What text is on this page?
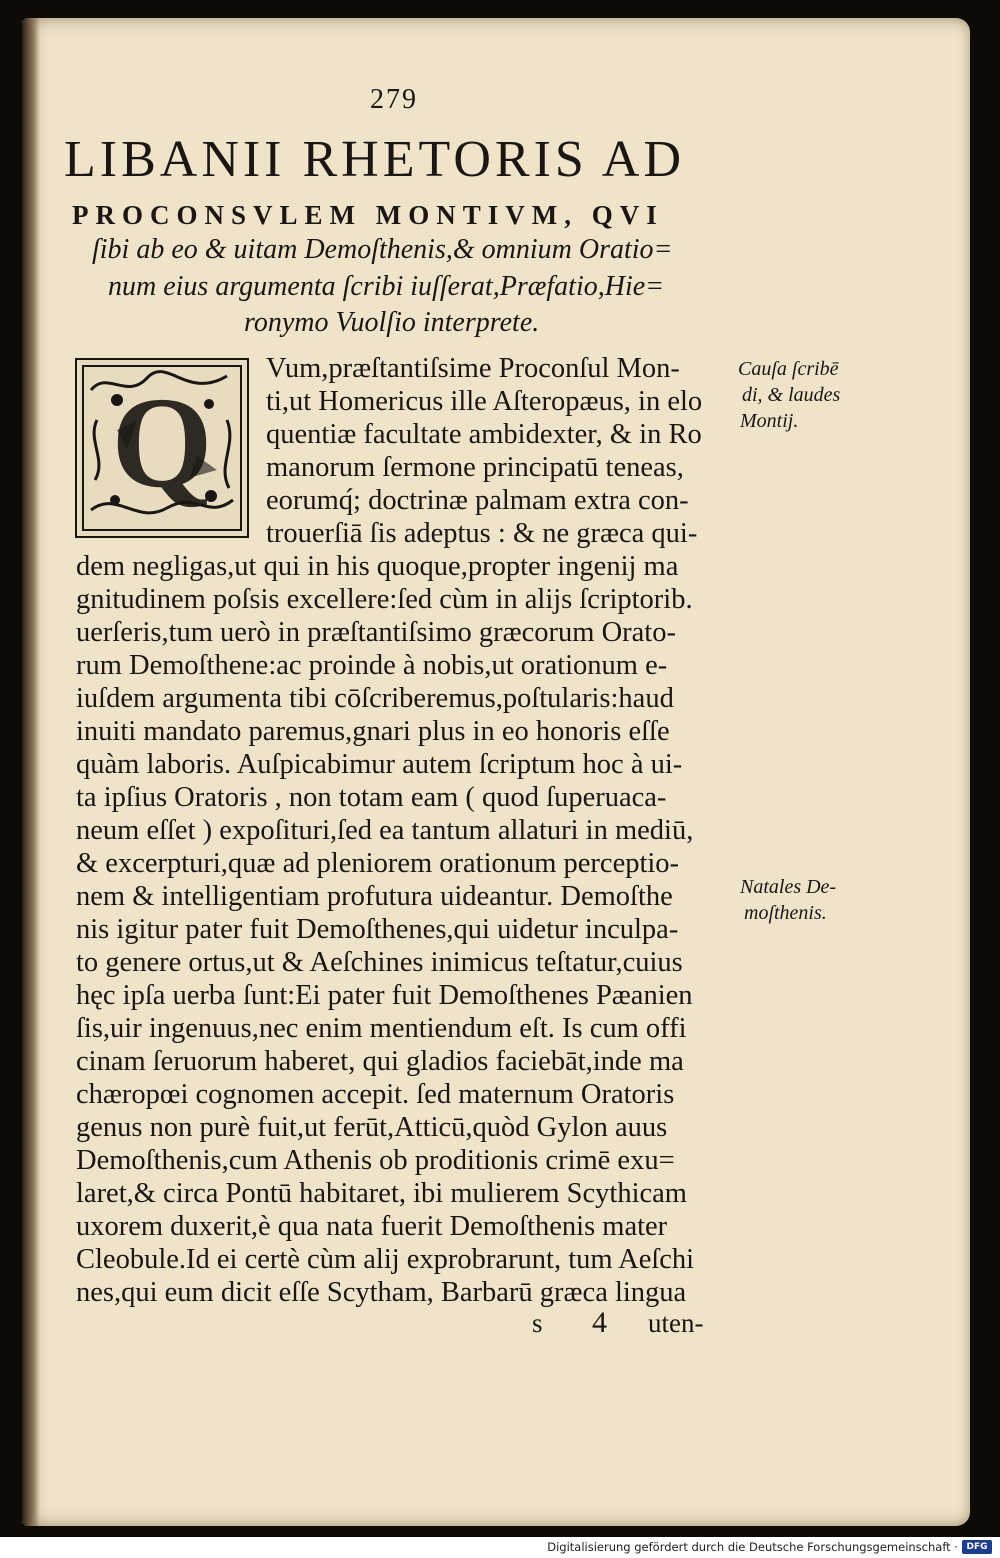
279
LIBANII RHETORIS AD
PROCONSVLEM MONTIVM, QVI
ſibi ab eo & uitam Demoſthenis,& omnium Oratio=
num eius argumenta ſcribi iuſſerat,Præfatio,Hie=
ronymo Vuolſio interprete.
Q
Vum,præſtantiſsime Proconſul Mon-
ti,ut Homericus ille Aſteropæus, in elo
quentiæ facultate ambidexter, & in Ro
manorum ſermone principatū teneas,
eorumq́; doctrinæ palmam extra con-
trouerſiā ſis adeptus : & ne græca qui-
dem negligas,ut qui in his quoque,propter ingenij ma
gnitudinem poſsis excellere:ſed cùm in alijs ſcriptorib.
uerſeris,tum uerò in præſtantiſsimo græcorum Orato-
rum Demoſthene:ac proinde à nobis,ut orationum e-
iuſdem argumenta tibi cōſcriberemus,poſtularis:haud
inuiti mandato paremus,gnari plus in eo honoris eſſe
quàm laboris. Auſpicabimur autem ſcriptum hoc à ui-
ta ipſius Oratoris , non totam eam ( quod ſuperuaca-
neum eſſet ) expoſituri,ſed ea tantum allaturi in mediū,
& excerpturi,quæ ad pleniorem orationum perceptio-
nem & intelligentiam profutura uideantur. Demoſthe
nis igitur pater fuit Demoſthenes,qui uidetur inculpa-
to genere ortus,ut & Aeſchines inimicus teſtatur,cuius
hęc ipſa uerba ſunt:Ei pater fuit Demoſthenes Pæanien
ſis,uir ingenuus,nec enim mentiendum eſt. Is cum offi
cinam ſeruorum haberet, qui gladios faciebāt,inde ma
chæropœi cognomen accepit. ſed maternum Oratoris
genus non purè fuit,ut ferūt,Atticū,quòd Gylon auus
Demoſthenis,cum Athenis ob proditionis crimē exu=
laret,& circa Pontū habitaret, ibi mulierem Scythicam
uxorem duxerit,è qua nata fuerit Demoſthenis mater
Cleobule.Id ei certè cùm alij exprobrarunt, tum Aeſchi
nes,qui eum dicit eſſe Scytham, Barbarū græca lingua
s 4 uten-
Cauſa ſcribē
di, & laudes
Montij.
Natales De-
moſthenis.
Digitalisierung gefördert durch die Deutsche Forschungsgemeinschaft · DFG
